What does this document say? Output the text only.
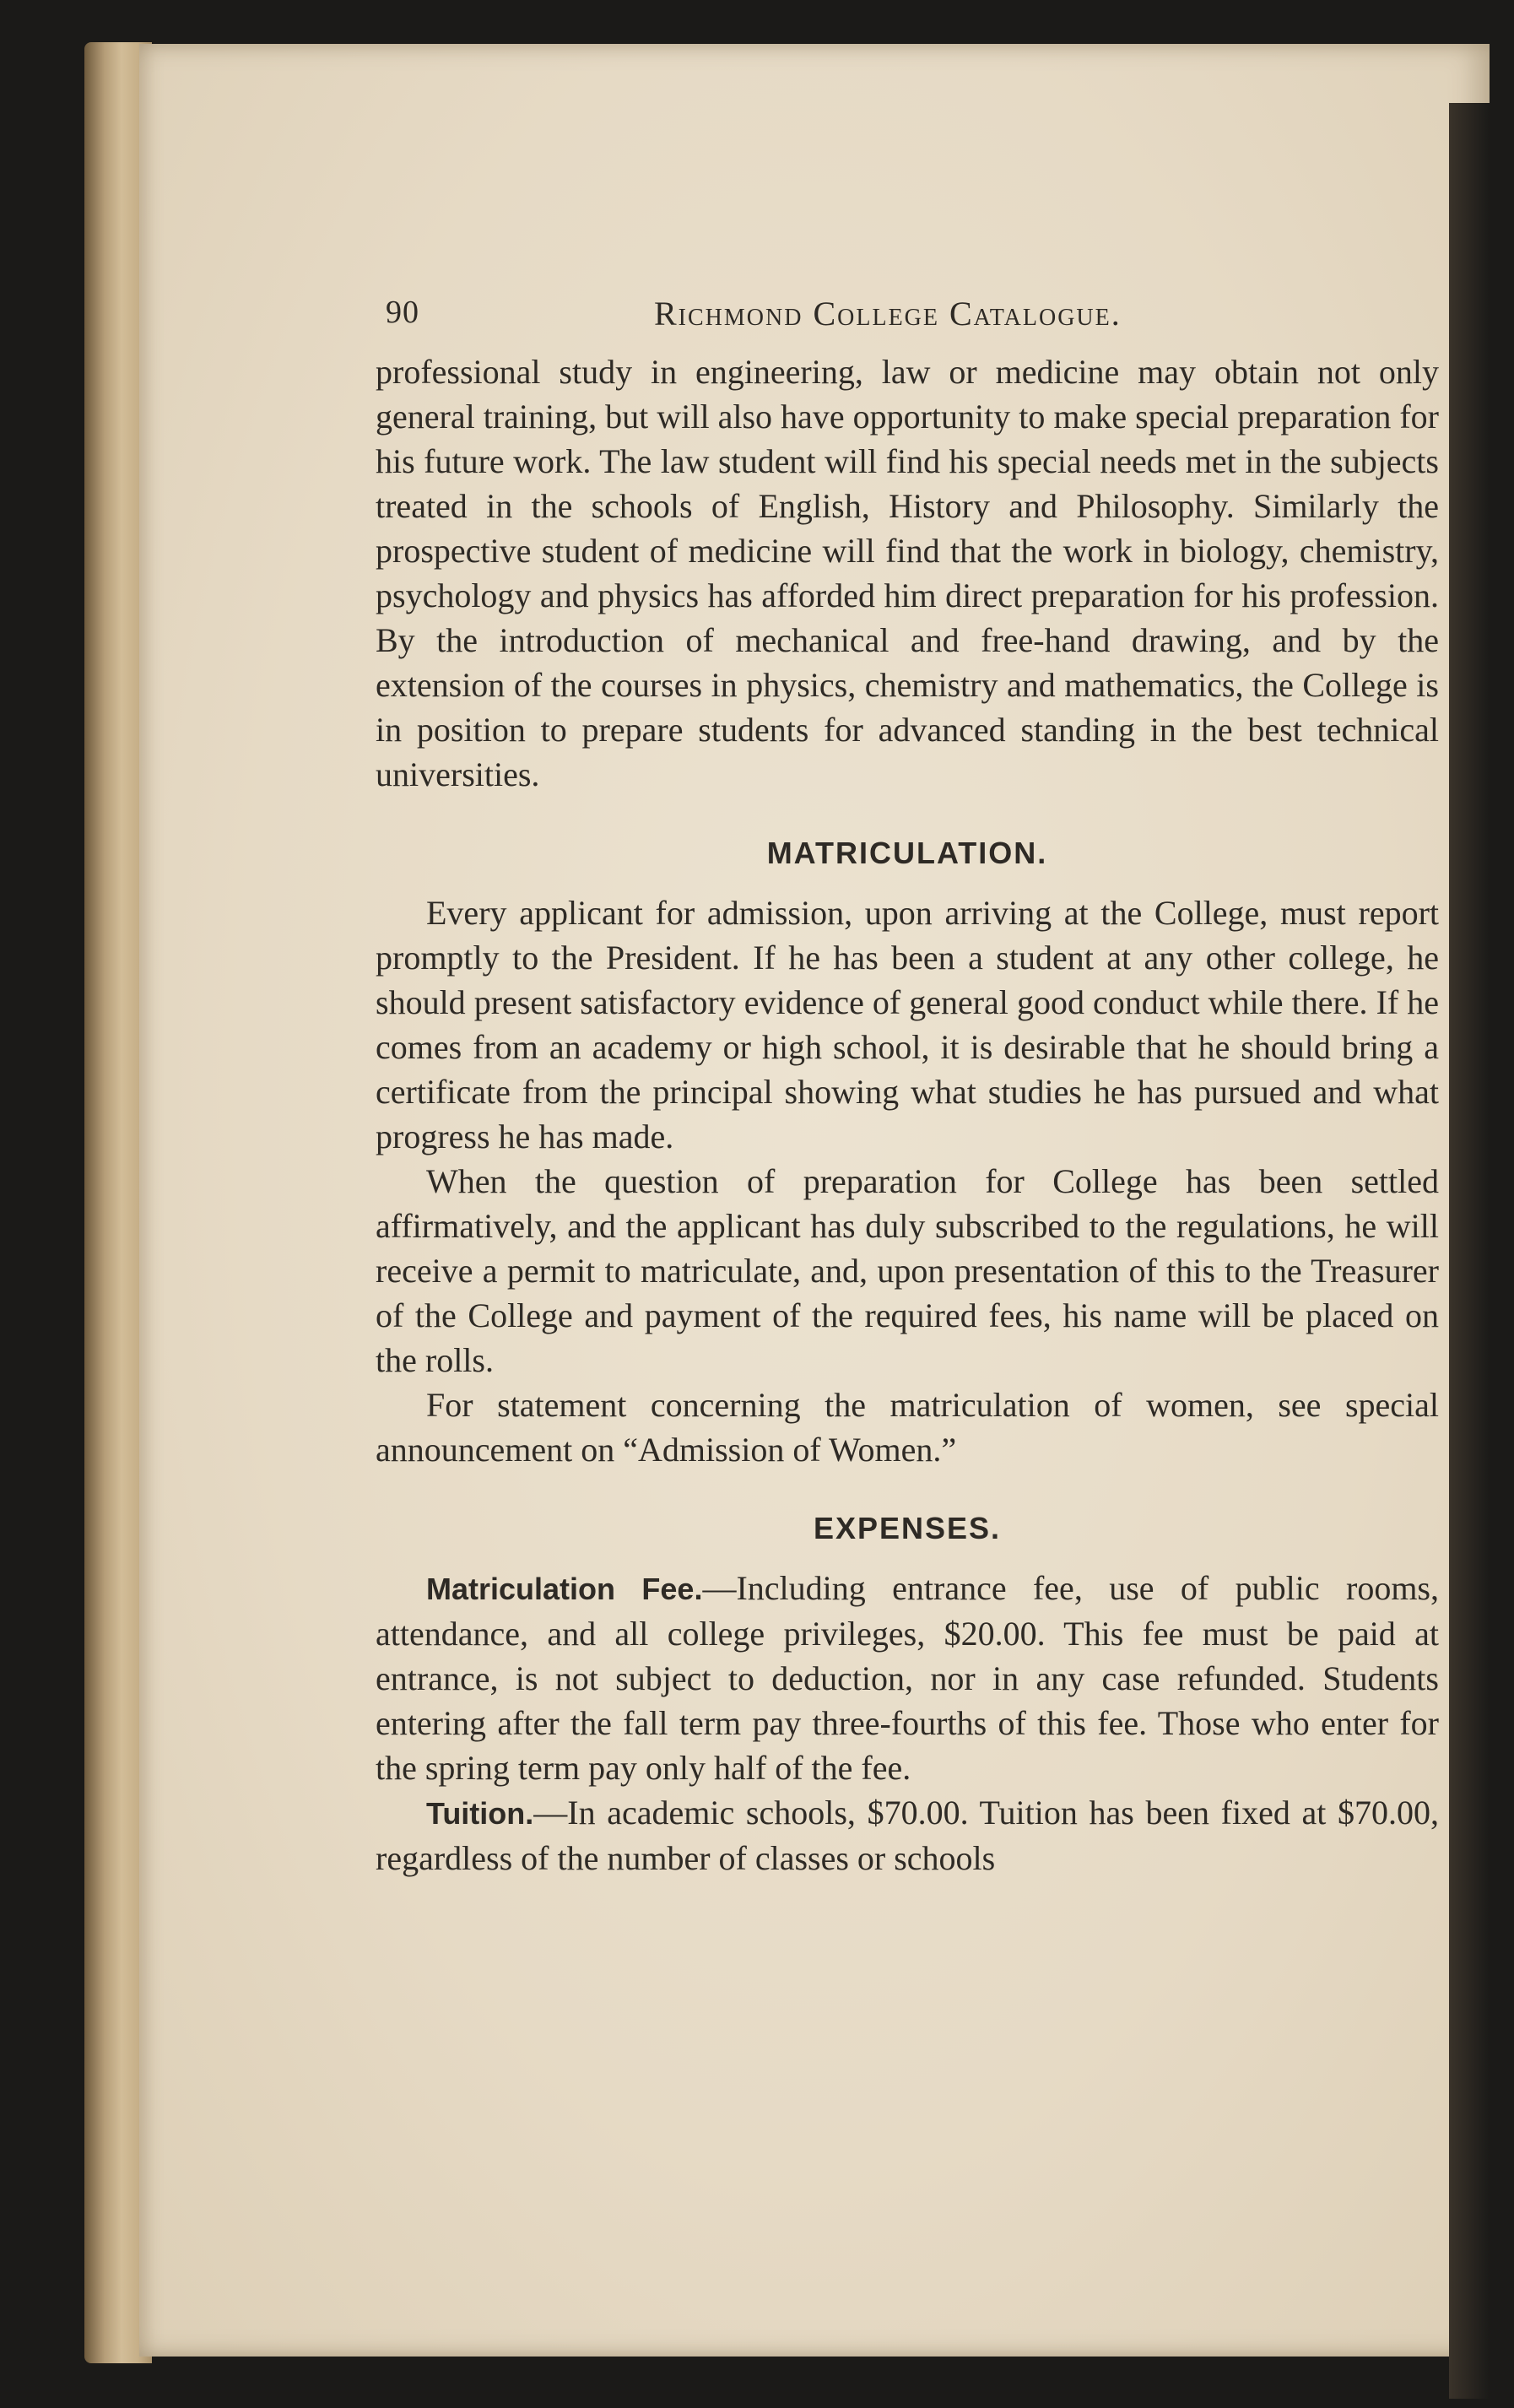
90	Richmond College Catalogue.

professional study in engineering, law or medicine may obtain not only general training, but will also have opportunity to make special preparation for his future work. The law student will find his special needs met in the subjects treated in the schools of English, History and Philosophy. Similarly the prospective student of medicine will find that the work in biology, chemistry, psychology and physics has afforded him direct preparation for his profession. By the introduction of mechanical and free-hand drawing, and by the extension of the courses in physics, chemistry and mathematics, the College is in position to prepare students for advanced standing in the best technical universities.

MATRICULATION.

Every applicant for admission, upon arriving at the College, must report promptly to the President. If he has been a student at any other college, he should present satisfactory evidence of general good conduct while there. If he comes from an academy or high school, it is desirable that he should bring a certificate from the principal showing what studies he has pursued and what progress he has made.

When the question of preparation for College has been settled affirmatively, and the applicant has duly subscribed to the regulations, he will receive a permit to matriculate, and, upon presentation of this to the Treasurer of the College and payment of the required fees, his name will be placed on the rolls.

For statement concerning the matriculation of women, see special announcement on “Admission of Women.”

EXPENSES.

Matriculation Fee.—Including entrance fee, use of public rooms, attendance, and all college privileges, $20.00. This fee must be paid at entrance, is not subject to deduction, nor in any case refunded. Students entering after the fall term pay three-fourths of this fee. Those who enter for the spring term pay only half of the fee.

Tuition.—In academic schools, $70.00. Tuition has been fixed at $70.00, regardless of the number of classes or schools
